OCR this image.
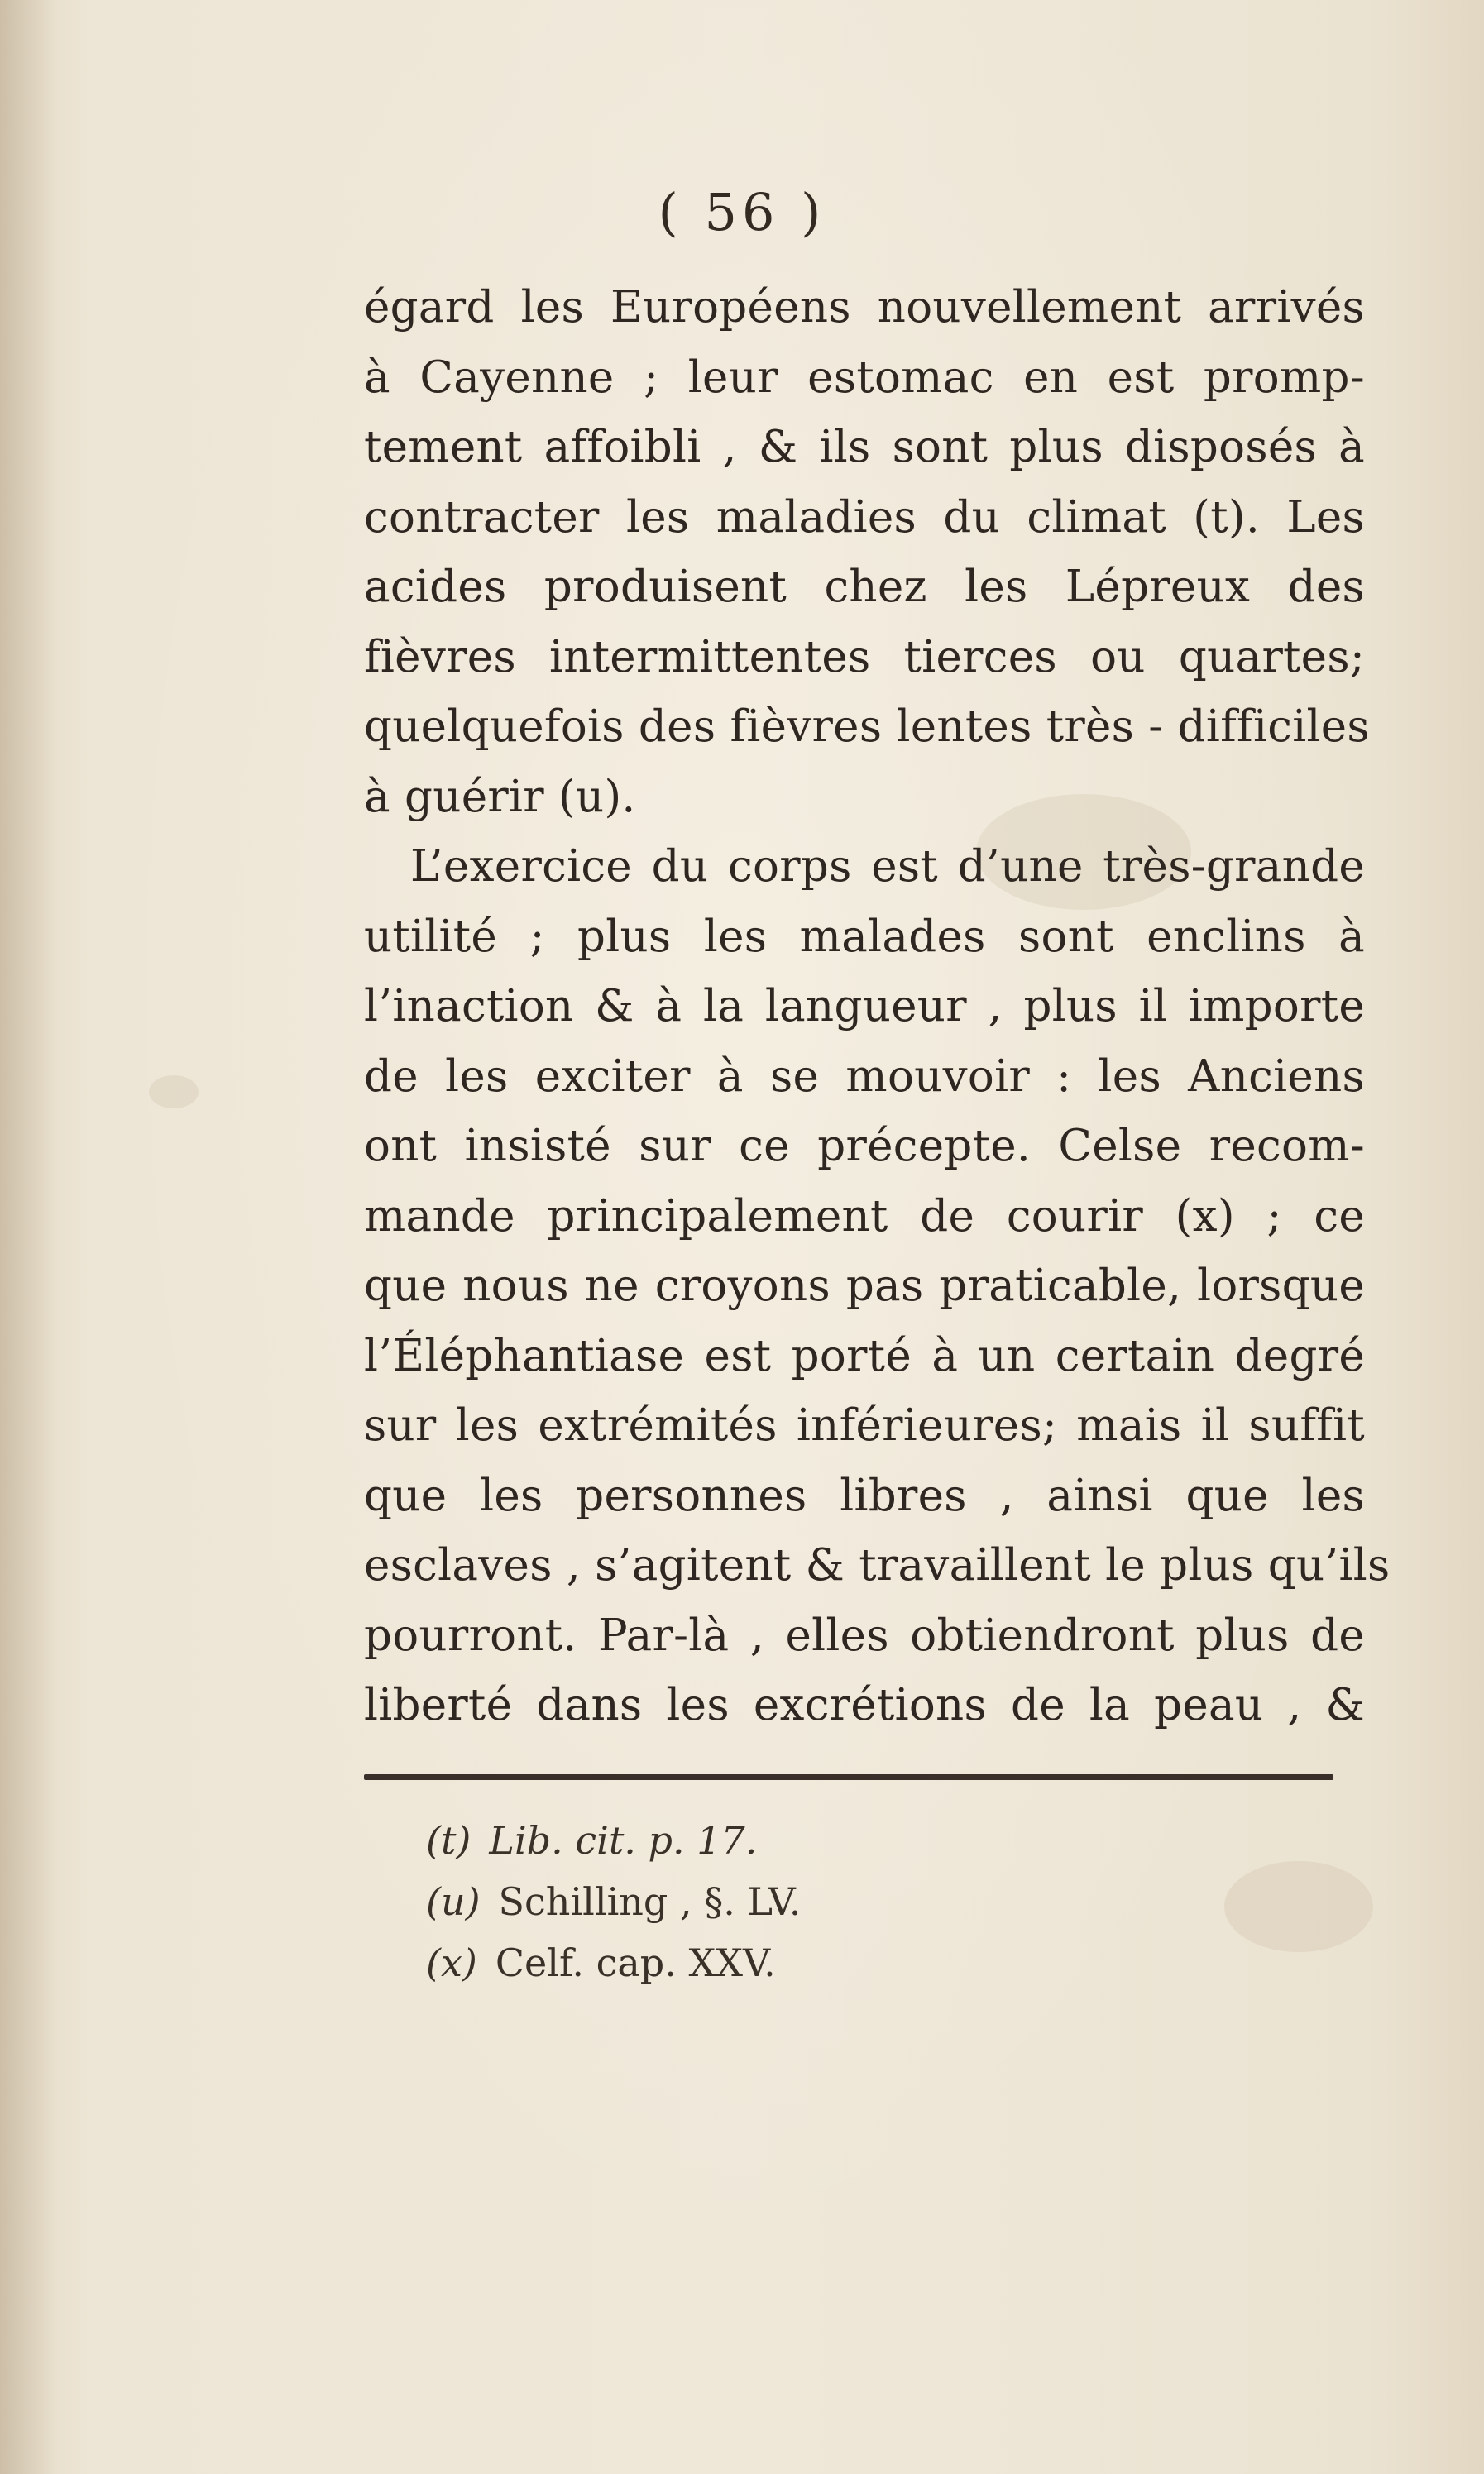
( 56 )
égard les Européens nouvellement arrivés
à Cayenne ; leur estomac en est promp-
tement affoibli , & ils sont plus disposés à
contracter les maladies du climat (t). Les
acides produisent chez les Lépreux des
fièvres intermittentes tierces ou quartes;
quelquefois des fièvres lentes très - difficiles
à guérir (u).
L’exercice du corps est d’une très-grande
utilité ; plus les malades sont enclins à
l’inaction & à la langueur , plus il importe
de les exciter à se mouvoir : les Anciens
ont insisté sur ce précepte. Celse recom-
mande principalement de courir (x) ; ce
que nous ne croyons pas praticable, lorsque
l’Éléphantiase est porté à un certain degré
sur les extrémités inférieures; mais il suffit
que les personnes libres , ainsi que les
esclaves , s’agitent & travaillent le plus qu’ils
pourront. Par-là , elles obtiendront plus de
liberté dans les excrétions de la peau , &
(t) Lib. cit. p. 17.
(u) Schilling , §. LV.
(x) Celf. cap. XXV.
